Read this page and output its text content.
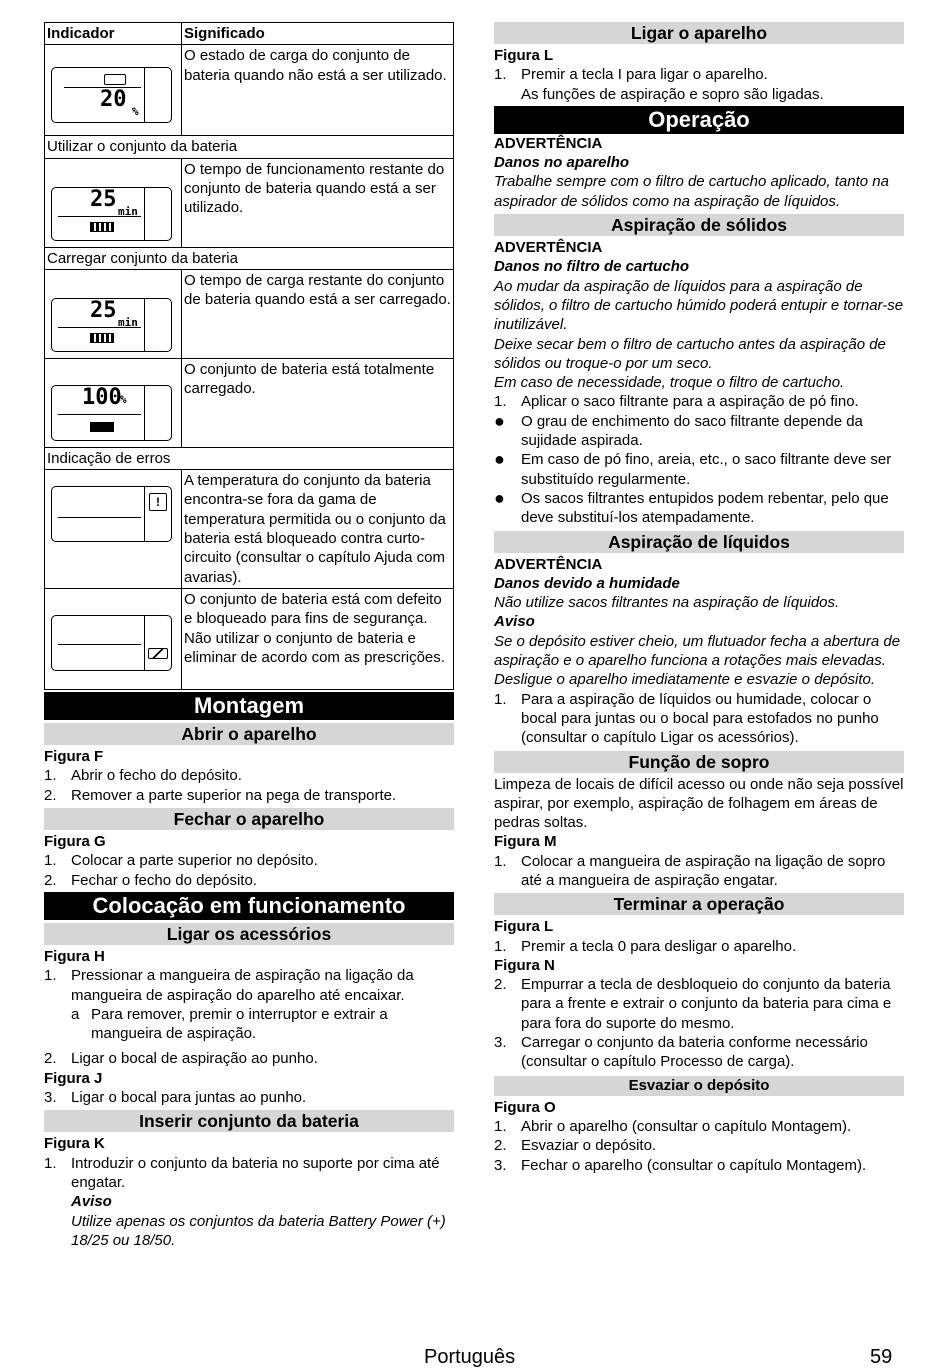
Indicador	Significado

20 %	O estado de carga do conjunto de bateria quando não está a ser utilizado.
Utilizar o conjunto da bateria	

25 min	O tempo de funcionamento restante do conjunto de bateria quando está a ser utilizado.
Carregar conjunto da bateria	

25 min	O tempo de carga restante do conjunto de bateria quando está a ser carregado.

100
%	O conjunto de bateria está totalmente carregado.
Indicação de erros	

!	A temperatura do conjunto da bateria encontra-se fora da gama de temperatura permitida ou o conjunto da bateria está bloqueado contra curto-circuito (consultar o capítulo Ajuda com avarias).

	O conjunto de bateria está com defeito e bloqueado para fins de segurança. Não utilizar o conjunto de bateria e eliminar de acordo com as prescrições.
Montagem
Abrir o aparelho
Figura F
1. Abrir o fecho do depósito.
2. Remover a parte superior na pega de transporte.
Fechar o aparelho
Figura G
1. Colocar a parte superior no depósito.
2. Fechar o fecho do depósito.
Colocação em funcionamento
Ligar os acessórios
Figura H
1. Pressionar a mangueira de aspiração na ligação da mangueira de aspiração do aparelho até encaixar.
a Para remover, premir o interruptor e extrair a mangueira de aspiração.
2. Ligar o bocal de aspiração ao punho.
Figura J
3. Ligar o bocal para juntas ao punho.
Inserir conjunto da bateria
Figura K
1. Introduzir o conjunto da bateria no suporte por cima até engatar.
Aviso
Utilize apenas os conjuntos da bateria Battery Power (+) 18/25 ou 18/50.
Ligar o aparelho
Figura L
1. Premir a tecla I para ligar o aparelho.
As funções de aspiração e sopro são ligadas.
Operação
ADVERTÊNCIA
Danos no aparelho
Trabalhe sempre com o filtro de cartucho aplicado, tanto na aspirador de sólidos como na aspiração de líquidos.
Aspiração de sólidos
ADVERTÊNCIA
Danos no filtro de cartucho
Ao mudar da aspiração de líquidos para a aspiração de sólidos, o filtro de cartucho húmido poderá entupir e tornar-se inutilizável.
Deixe secar bem o filtro de cartucho antes da aspiração de sólidos ou troque-o por um seco.
Em caso de necessidade, troque o filtro de cartucho.
1. Aplicar o saco filtrante para a aspiração de pó fino.
●	O grau de enchimento do saco filtrante depende da sujidade aspirada.
●	Em caso de pó fino, areia, etc., o saco filtrante deve ser substituído regularmente.
●	Os sacos filtrantes entupidos podem rebentar, pelo que deve substituí-los atempadamente.
Aspiração de líquidos
ADVERTÊNCIA
Danos devido a humidade
Não utilize sacos filtrantes na aspiração de líquidos.
Aviso
Se o depósito estiver cheio, um flutuador fecha a abertura de aspiração e o aparelho funciona a rotações mais elevadas.
Desligue o aparelho imediatamente e esvazie o depósito.
1. Para a aspiração de líquidos ou humidade, colocar o bocal para juntas ou o bocal para estofados no punho (consultar o capítulo Ligar os acessórios).
Função de sopro
Limpeza de locais de difícil acesso ou onde não seja possível aspirar, por exemplo, aspiração de folhagem em áreas de pedras soltas.
Figura M
1. Colocar a mangueira de aspiração na ligação de sopro até a mangueira de aspiração engatar.
Terminar a operação
Figura L
1. Premir a tecla 0 para desligar o aparelho.
Figura N
2. Empurrar a tecla de desbloqueio do conjunto da bateria para a frente e extrair o conjunto da bateria para cima e para fora do suporte do mesmo.
3. Carregar o conjunto da bateria conforme necessário (consultar o capítulo Processo de carga).
Esvaziar o depósito
Figura O
1. Abrir o aparelho (consultar o capítulo Montagem).
2. Esvaziar o depósito.
3. Fechar o aparelho (consultar o capítulo Montagem).
Português	59
